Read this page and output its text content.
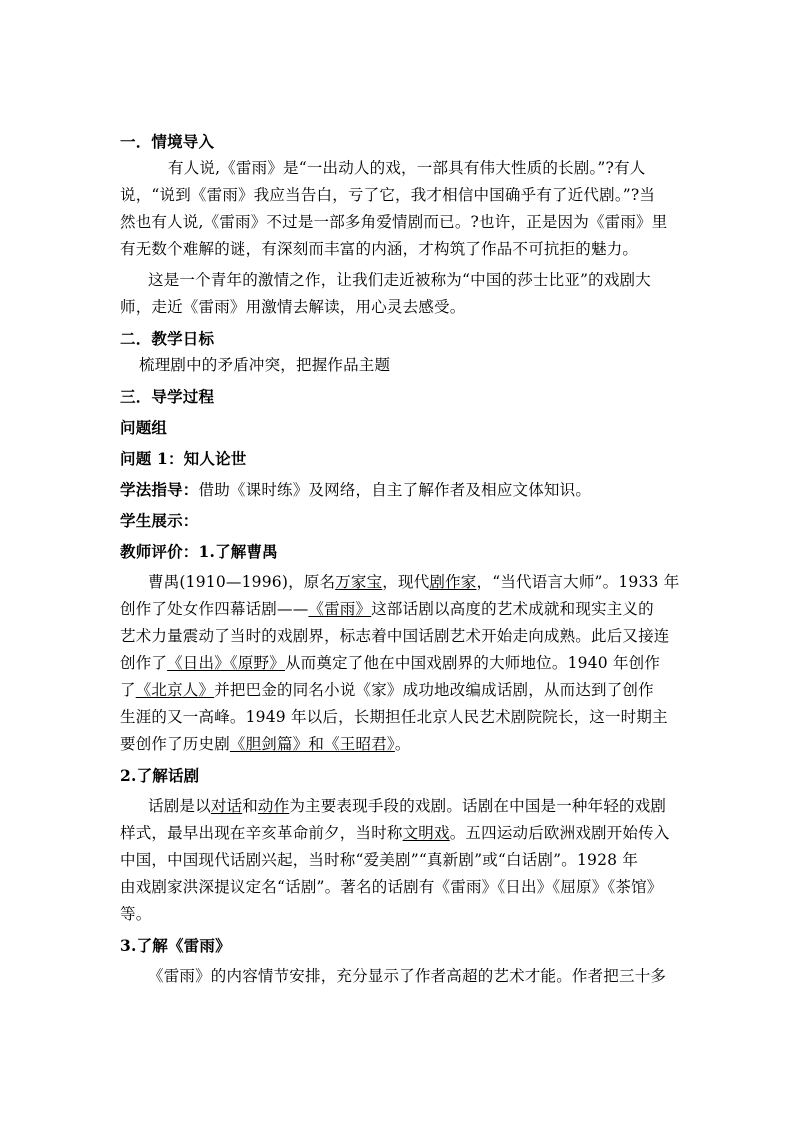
一．情境导入

有人说,《雷雨》是“一出动人的戏，一部具有伟大性质的长剧。”?有人

说，“说到《雷雨》我应当告白，亏了它，我才相信中国确乎有了近代剧。”?当

然也有人说,《雷雨》不过是一部多角爱情剧而已。?也许，正是因为《雷雨》里

有无数个难解的谜，有深刻而丰富的内涵，才构筑了作品不可抗拒的魅力。

这是一个青年的激情之作，让我们走近被称为“中国的莎士比亚”的戏剧大

师，走近《雷雨》用激情去解读，用心灵去感受。

二．教学日标

梳理剧中的矛盾冲突，把握作品主题

三．导学过程

问题组

问题 1：知人论世

学法指导：借助《课时练》及网络，自主了解作者及相应文体知识。

学生展示：

教师评价：1.了解曹禺

曹禺(1910—1996)，原名万家宝，现代剧作家，“当代语言大师”。1933 年

创作了处女作四幕话剧——《雷雨》这部话剧以高度的艺术成就和现实主义的

艺术力量震动了当时的戏剧界，标志着中国话剧艺术开始走向成熟。此后又接连

创作了《日出》《原野》从而奠定了他在中国戏剧界的大师地位。1940 年创作

了《北京人》并把巴金的同名小说《家》成功地改编成话剧，从而达到了创作

生涯的又一高峰。1949 年以后，长期担任北京人民艺术剧院院长，这一时期主

要创作了历史剧《胆剑篇》和《王昭君》。

2.了解话剧

话剧是以对话和动作为主要表现手段的戏剧。话剧在中国是一种年轻的戏剧

样式，最早出现在辛亥革命前夕，当时称文明戏。五四运动后欧洲戏剧开始传入

中国，中国现代话剧兴起，当时称“爱美剧”“真新剧”或“白话剧”。1928 年

由戏剧家洪深提议定名“话剧”。著名的话剧有《雷雨》《日出》《屈原》《茶馆》

等。

3.了解《雷雨》

《雷雨》的内容情节安排，充分显示了作者高超的艺术才能。作者把三十多
